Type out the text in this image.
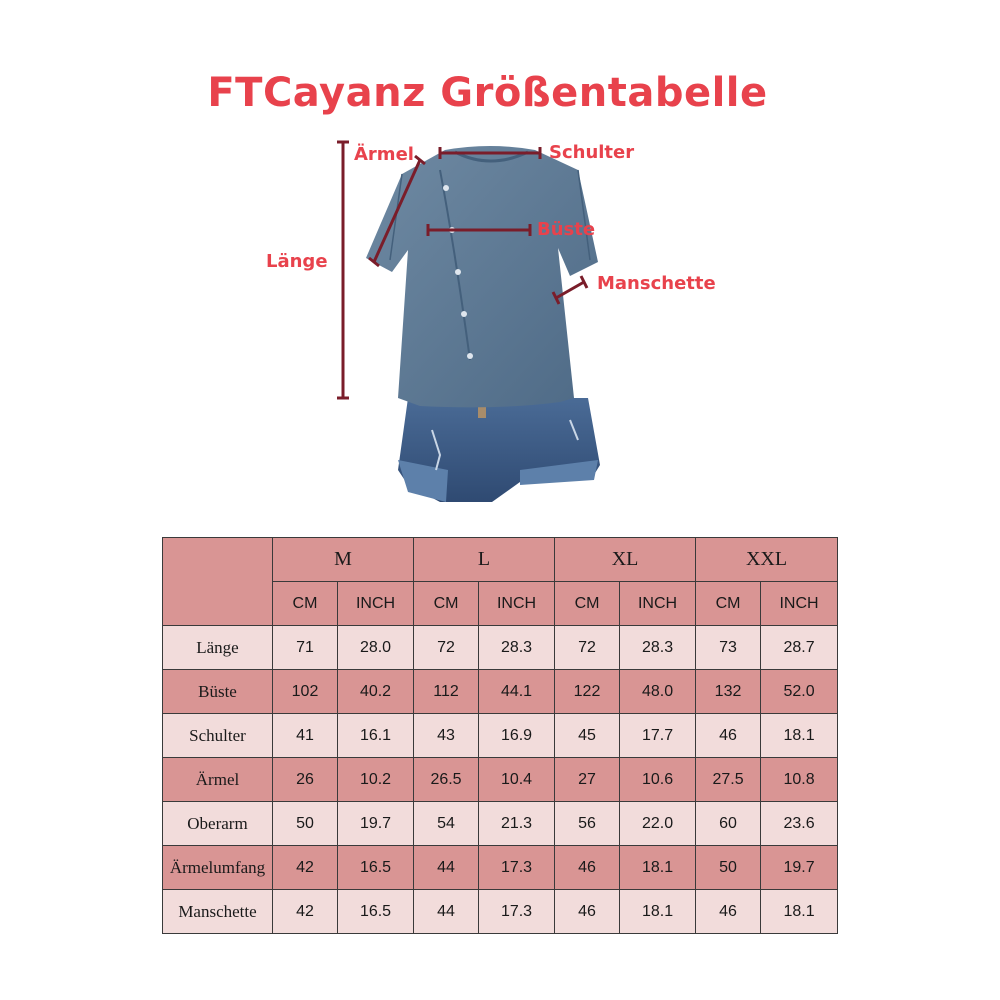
FTCayanz Größentabelle
Länge
Ärmel	Schulter
Büste
Manschette
	M		L		XL		XXL	
	CM	INCH	CM	INCH	CM	INCH	CM	INCH
Länge	71	28.0	72	28.3	72	28.3	73	28.7
Büste	102	40.2	112	44.1	122	48.0	132	52.0
Schulter	41	16.1	43	16.9	45	17.7	46	18.1
Ärmel	26	10.2	26.5	10.4	27	10.6	27.5	10.8
Oberarm	50	19.7	54	21.3	56	22.0	60	23.6
Ärmelumfang	42	16.5	44	17.3	46	18.1	50	19.7
Manschette	42	16.5	44	17.3	46	18.1	46	18.1
